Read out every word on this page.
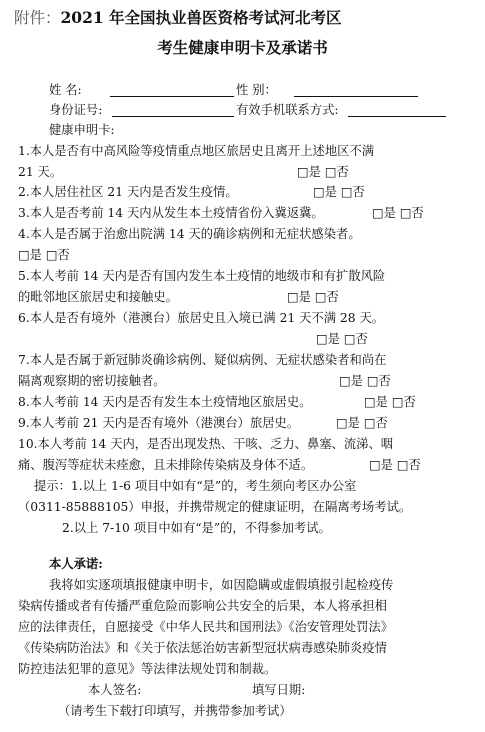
附件：2021 年全国执业兽医资格考试河北考区
考生健康申明卡及承诺书
姓 名:	性 别：
身份证号:	有效手机联系方式:
健康申明卡:
1.本人是否有中高风险等疫情重点地区旅居史且离开上述地区不满
21 天。	□是 □否
2.本人居住社区 21 天内是否发生疫情。	□是 □否
3.本人是否考前 14 天内从发生本土疫情省份入冀返冀。	□是 □否
4.本人是否属于治愈出院满 14 天的确诊病例和无症状感染者。
□是 □否
5.本人考前 14 天内是否有国内发生本土疫情的地级市和有扩散风险
的毗邻地区旅居史和接触史。	□是 □否
6.本人是否有境外（港澳台）旅居史且入境已满 21 天不满 28 天。
□是 □否
7.本人是否属于新冠肺炎确诊病例、疑似病例、无症状感染者和尚在
隔离观察期的密切接触者。	□是 □否
8.本人考前 14 天内是否有发生本土疫情地区旅居史。	□是 □否
9.本人考前 21 天内是否有境外（港澳台）旅居史。	□是 □否
10.本人考前 14 天内，是否出现发热、干咳、乏力、鼻塞、流涕、咽
痛、腹泻等症状未痊愈，且未排除传染病及身体不适。	□是 □否
提示：1.以上 1-6 项目中如有“是”的，考生须向考区办公室
（0311-85888105）申报，并携带规定的健康证明，在隔离考场考试。
2.以上 7-10 项目中如有“是”的，不得参加考试。
本人承诺:
我将如实逐项填报健康申明卡，如因隐瞒或虚假填报引起检疫传
染病传播或者有传播严重危险而影响公共安全的后果，本人将承担相
应的法律责任，自愿接受《中华人民共和国刑法》《治安管理处罚法》
《传染病防治法》和《关于依法惩治妨害新型冠状病毒感染肺炎疫情
防控违法犯罪的意见》等法律法规处罚和制裁。
本人签名:	填写日期:
（请考生下载打印填写，并携带参加考试）
